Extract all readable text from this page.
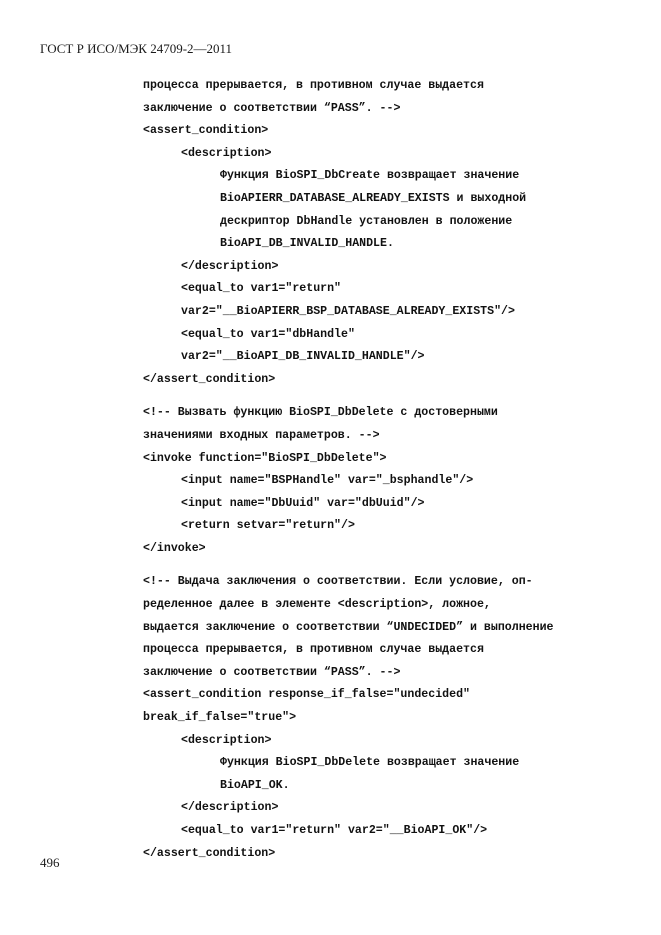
ГОСТ Р ИСО/МЭК 24709-2—2011
процесса прерывается, в противном случае выдается
заключение о соответствии “PASS”. -->
<assert_condition>
<description>
Функция BioSPI_DbCreate возвращает значение
BioAPIERR_DATABASE_ALREADY_EXISTS и выходной
дескриптор DbHandle установлен в положение
BioAPI_DB_INVALID_HANDLE.
</description>
<equal_to var1="return"
var2="__BioAPIERR_BSP_DATABASE_ALREADY_EXISTS"/>
<equal_to var1="dbHandle"
var2="__BioAPI_DB_INVALID_HANDLE"/>
</assert_condition>
<!-- Вызвать функцию BioSPI_DbDelete с достоверными
значениями входных параметров. -->
<invoke function="BioSPI_DbDelete">
<input name="BSPHandle" var="_bsphandle"/>
<input name="DbUuid" var="dbUuid"/>
<return setvar="return"/>
</invoke>
<!-- Выдача заключения о соответствии. Если условие, оп-
ределенное далее в элементе <description>, ложное,
выдается заключение о соответствии “UNDECIDED” и выполнение
процесса прерывается, в противном случае выдается
заключение о соответствии “PASS”. -->
<assert_condition response_if_false="undecided"
break_if_false="true">
<description>
Функция BioSPI_DbDelete возвращает значение
BioAPI_OK.
</description>
<equal_to var1="return" var2="__BioAPI_OK"/>
</assert_condition>
496
